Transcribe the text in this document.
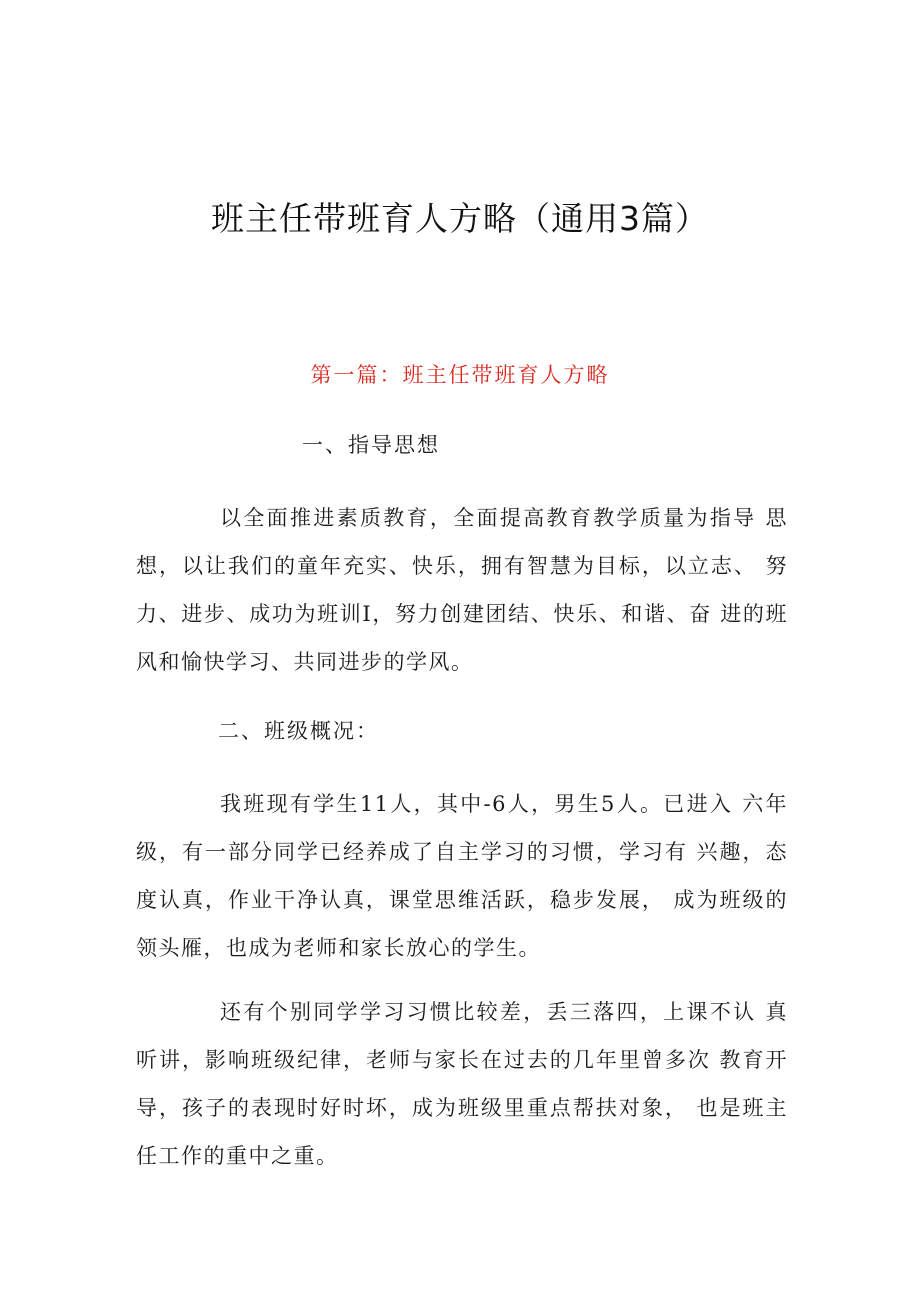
班主任带班育人方略（通用3篇）
第一篇：班主任带班育人方略
一、指导思想

以全面推进素质教育，全面提高教育教学质量为指导 思想，以让我们的童年充实、快乐，拥有智慧为目标，以立志、 努力、进步、成功为班训I，努力创建团结、快乐、和谐、奋 进的班风和愉快学习、共同进步的学风。

二、班级概况：

我班现有学生11人，其中-6人，男生5人。已进入 六年级，有一部分同学已经养成了自主学习的习惯，学习有 兴趣，态度认真，作业干净认真，课堂思维活跃，稳步发展， 成为班级的领头雁，也成为老师和家长放心的学生。

还有个别同学学习习惯比较差，丢三落四，上课不认 真听讲，影响班级纪律，老师与家长在过去的几年里曾多次 教育开导，孩子的表现时好时坏，成为班级里重点帮扶对象， 也是班主任工作的重中之重。
